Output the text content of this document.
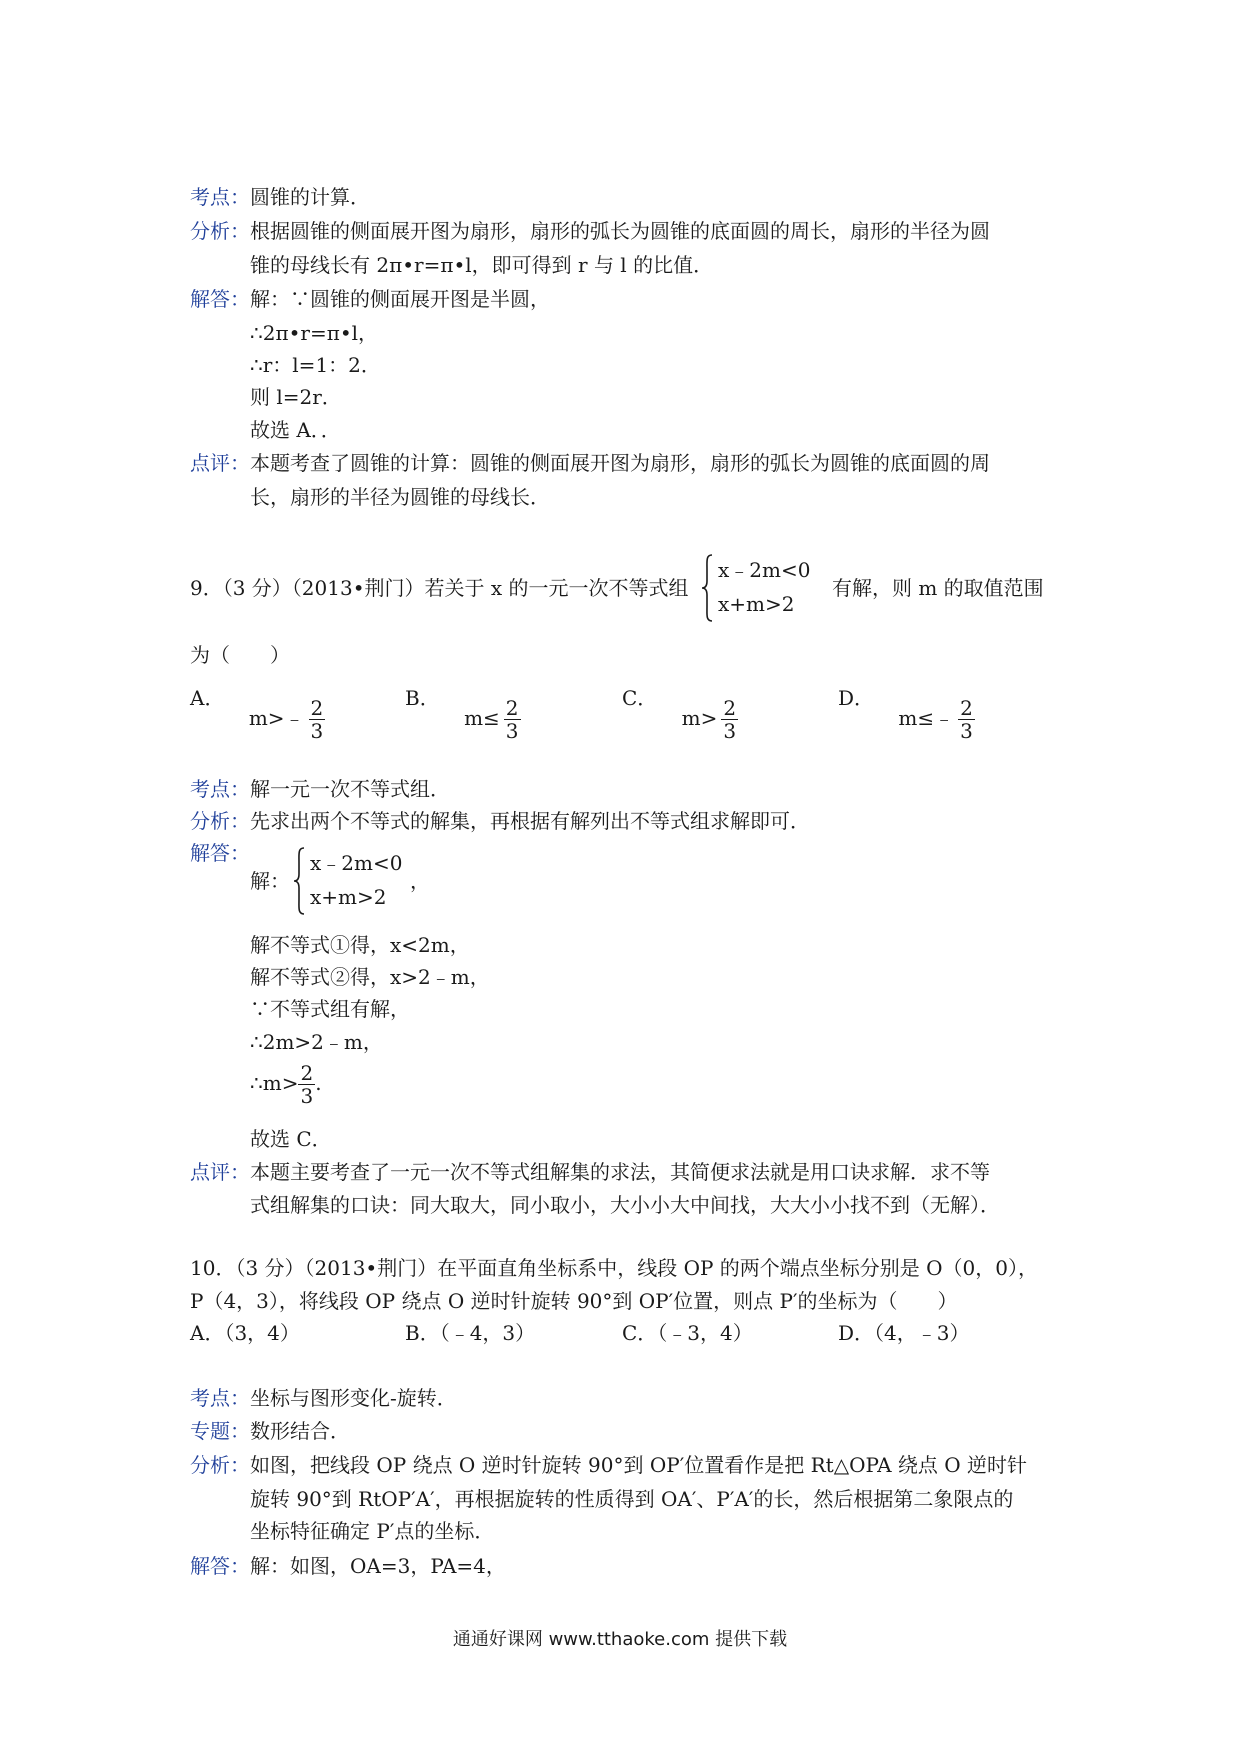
考点：圆锥的计算．
分析：根据圆锥的侧面展开图为扇形，扇形的弧长为圆锥的底面圆的周长，扇形的半径为圆
锥的母线长有 2π•r=π•l，即可得到 r 与 l 的比值．
解答：解：∵圆锥的侧面展开图是半圆，
∴2π•r=π•l，
∴r：l=1：2．
则 l=2r．
故选 A．．
点评：本题考查了圆锥的计算：圆锥的侧面展开图为扇形，扇形的弧长为圆锥的底面圆的周
长，扇形的半径为圆锥的母线长．
9．（3 分）（2013•荆门）若关于 x 的一元一次不等式组
x﹣2m<0
x+m>2
有解，则 m 的取值范围
为（　　）
A． m>﹣ $\frac{2}{3}$	B． $m\le \frac{2}{3}$	C． $m> \frac{2}{3}$	D． m≤﹣ $\frac{2}{3}$
考点：解一元一次不等式组．
分析：先求出两个不等式的解集，再根据有解列出不等式组求解即可．
解答：
解：
x﹣2m<0
x+m>2
，
解不等式①得，x<2m，
解不等式②得，x>2﹣m，
∵不等式组有解，
∴2m>2﹣m，
∴m> $\frac{2}{3}$ .
故选 C．
点评：本题主要考查了一元一次不等式组解集的求法，其简便求法就是用口诀求解．求不等
式组解集的口诀：同大取大，同小取小，大小小大中间找，大大小小找不到（无解）．
10．（3 分）（2013•荆门）在平面直角坐标系中，线段 OP 的两个端点坐标分别是 O（0，0），
P（4，3），将线段 OP 绕点 O 逆时针旋转 90°到 OP′位置，则点 P′的坐标为（　　）
A．（3，4）	B．（﹣4，3）	C．（﹣3，4）	D．（4，﹣3）
考点：坐标与图形变化-旋转．
专题：数形结合．
分析：如图，把线段 OP 绕点 O 逆时针旋转 90°到 OP′位置看作是把 Rt△OPA 绕点 O 逆时针
旋转 90°到 RtOP′A′，再根据旋转的性质得到 OA′、P′A′的长，然后根据第二象限点的
坐标特征确定 P′点的坐标．
解答：解：如图，OA=3，PA=4，
通通好课网 www.tthaoke.com 提供下载
